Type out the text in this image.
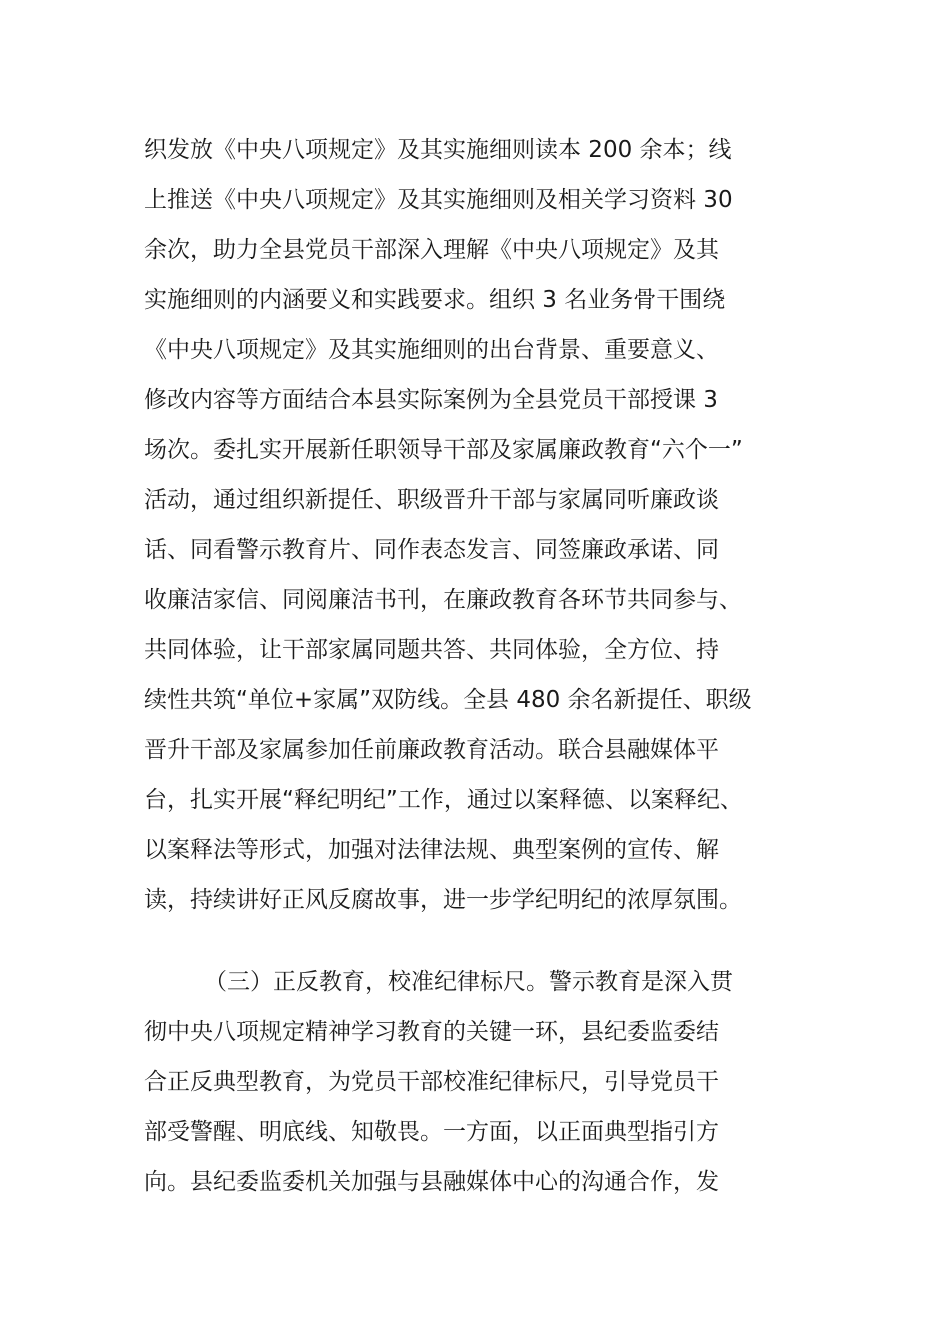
织发放《中央八项规定》及其实施细则读本 200 余本；线

上推送《中央八项规定》及其实施细则及相关学习资料 30

余次，助力全县党员干部深入理解《中央八项规定》及其

实施细则的内涵要义和实践要求。组织 3 名业务骨干围绕

《中央八项规定》及其实施细则的出台背景、重要意义、

修改内容等方面结合本县实际案例为全县党员干部授课 3

场次。委扎实开展新任职领导干部及家属廉政教育“六个一”

活动，通过组织新提任、职级晋升干部与家属同听廉政谈

话、同看警示教育片、同作表态发言、同签廉政承诺、同

收廉洁家信、同阅廉洁书刊，在廉政教育各环节共同参与、

共同体验，让干部家属同题共答、共同体验，全方位、持

续性共筑“单位+家属”双防线。全县 480 余名新提任、职级

晋升干部及家属参加任前廉政教育活动。联合县融媒体平

台，扎实开展“释纪明纪”工作，通过以案释德、以案释纪、

以案释法等形式，加强对法律法规、典型案例的宣传、解

读，持续讲好正风反腐故事，进一步学纪明纪的浓厚氛围。

（三）正反教育，校准纪律标尺。警示教育是深入贯

彻中央八项规定精神学习教育的关键一环，县纪委监委结

合正反典型教育，为党员干部校准纪律标尺，引导党员干

部受警醒、明底线、知敬畏。一方面，以正面典型指引方

向。县纪委监委机关加强与县融媒体中心的沟通合作，发
